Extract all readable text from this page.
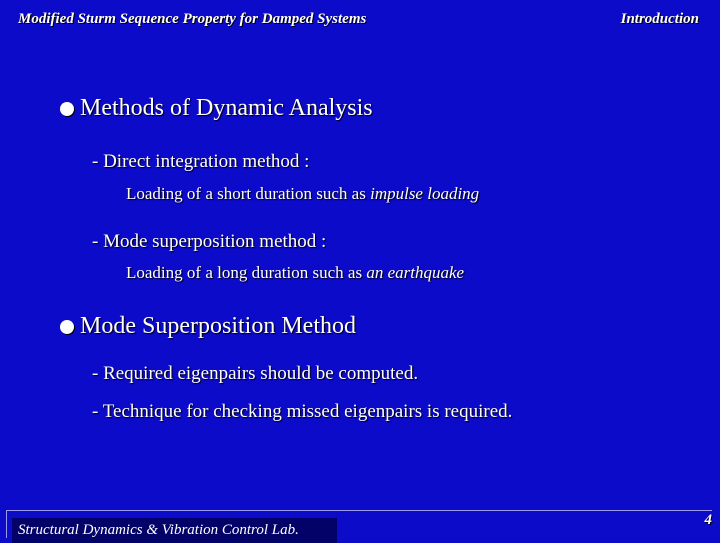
Modified Sturm Sequence Property for Damped Systems	Introduction
Methods of Dynamic Analysis
- Direct integration method :
Loading of a short duration such as impulse loading
- Mode superposition method :
Loading of a long duration such as an earthquake
Mode Superposition Method
- Required eigenpairs should be computed.
- Technique for checking missed eigenpairs is required.
Structural Dynamics & Vibration Control Lab.
4
